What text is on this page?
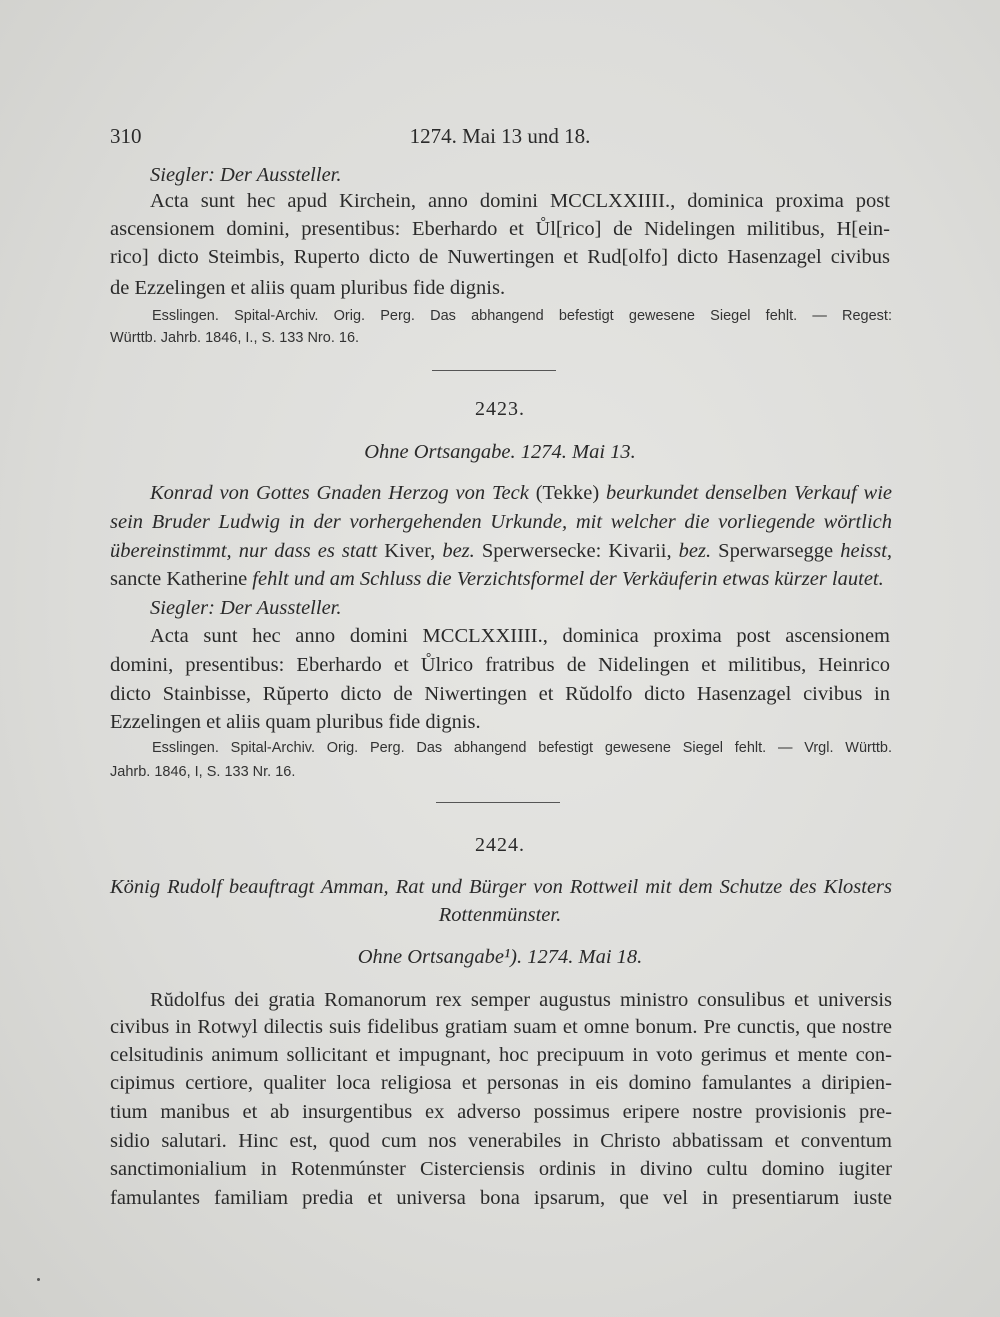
310	1274. Mai 13 und 18.
Siegler: Der Aussteller.
Acta sunt hec apud Kirchein, anno domini MCCLXXIIII., dominica proxima post
ascensionem domini, presentibus: Eberhardo et Ůl[rico] de Nidelingen militibus, H[ein-
rico] dicto Steimbis, Ruperto dicto de Nuwertingen et Rud[olfo] dicto Hasenzagel civibus
de Ezzelingen et aliis quam pluribus fide dignis.
Esslingen. Spital-Archiv. Orig. Perg. Das abhangend befestigt gewesene Siegel fehlt. — Regest:
Württb. Jahrb. 1846, I., S. 133 Nro. 16.
2423.
Ohne Ortsangabe. 1274. Mai 13.
Konrad von Gottes Gnaden Herzog von Teck (Tekke) beurkundet denselben Verkauf wie
sein Bruder Ludwig in der vorhergehenden Urkunde, mit welcher die vorliegende wörtlich
übereinstimmt, nur dass es statt Kiver, bez. Sperwersecke: Kivarii, bez. Sperwarsegge heisst,
sancte Katherine fehlt und am Schluss die Verzichtsformel der Verkäuferin etwas kürzer lautet.
Siegler: Der Aussteller.
Acta sunt hec anno domini MCCLXXIIII., dominica proxima post ascensionem
domini, presentibus: Eberhardo et Ůlrico fratribus de Nidelingen et militibus, Heinrico
dicto Stainbisse, Rŭperto dicto de Niwertingen et Rŭdolfo dicto Hasenzagel civibus in
Ezzelingen et aliis quam pluribus fide dignis.
Esslingen. Spital-Archiv. Orig. Perg. Das abhangend befestigt gewesene Siegel fehlt. — Vrgl. Württb.
Jahrb. 1846, I, S. 133 Nr. 16.
2424.
König Rudolf beauftragt Amman, Rat und Bürger von Rottweil mit dem Schutze des Klosters
Rottenmünster.
Ohne Ortsangabe¹). 1274. Mai 18.
Rŭdolfus dei gratia Romanorum rex semper augustus ministro consulibus et universis
civibus in Rotwyl dilectis suis fidelibus gratiam suam et omne bonum. Pre cunctis, que nostre
celsitudinis animum sollicitant et impugnant, hoc precipuum in voto gerimus et mente con-
cipimus certiore, qualiter loca religiosa et personas in eis domino famulantes a diripien-
tium manibus et ab insurgentibus ex adverso possimus eripere nostre provisionis pre-
sidio salutari. Hinc est, quod cum nos venerabiles in Christo abbatissam et conventum
sanctimonialium in Rotenmúnster Cisterciensis ordinis in divino cultu domino iugiter
famulantes familiam predia et universa bona ipsarum, que vel in presentiarum iuste
